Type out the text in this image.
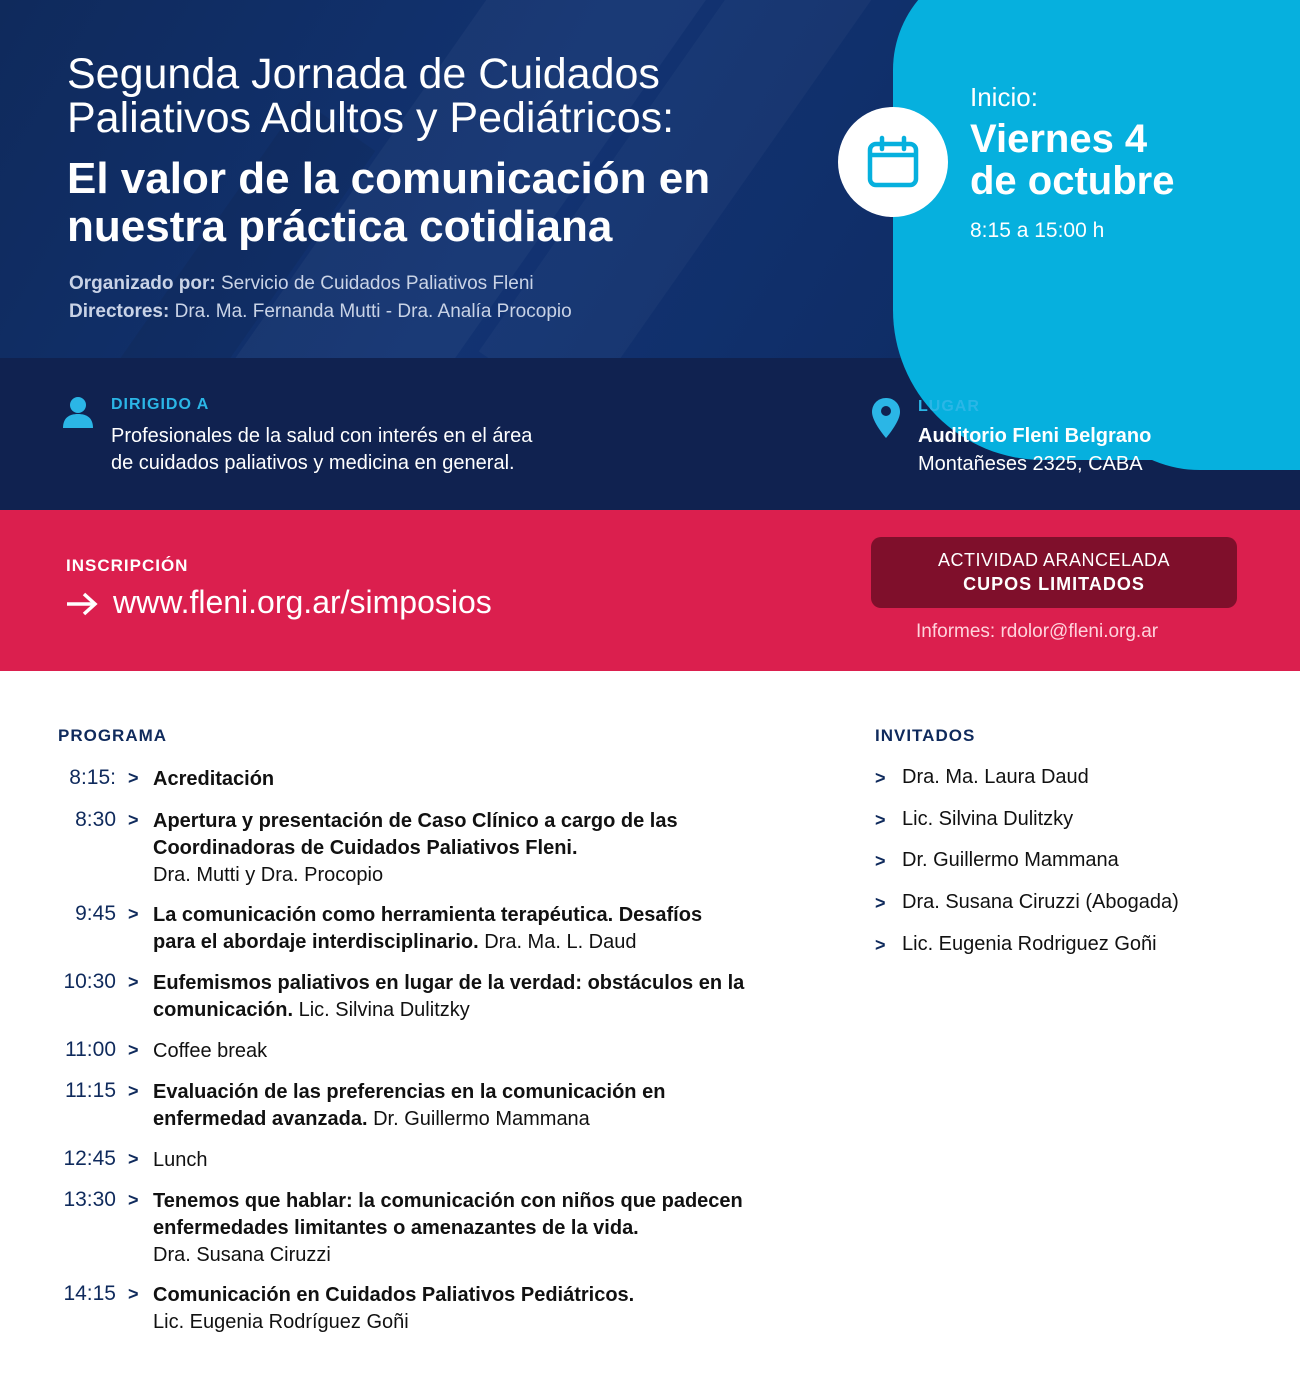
Segunda Jornada de Cuidados
Paliativos Adultos y Pediátricos:
El valor de la comunicación en
nuestra práctica cotidiana
Organizado por: Servicio de Cuidados Paliativos Fleni
Directores: Dra. Ma. Fernanda Mutti - Dra. Analía Procopio
Inicio:
Viernes 4
de octubre
8:15 a 15:00 h
DIRIGIDO A
Profesionales de la salud con interés en el área
de cuidados paliativos y medicina en general.
LUGAR
Auditorio Fleni Belgrano
Montañeses 2325, CABA
INSCRIPCIÓN
www.fleni.org.ar/simposios
ACTIVIDAD ARANCELADA
CUPOS LIMITADOS
Informes: rdolor@fleni.org.ar
PROGRAMA
8:15: > Acreditación
8:30 > Apertura y presentación de Caso Clínico a cargo de las
Coordinadoras de Cuidados Paliativos Fleni.
Dra. Mutti y Dra. Procopio
9:45 > La comunicación como herramienta terapéutica. Desafíos
para el abordaje interdisciplinario. Dra. Ma. L. Daud
10:30 > Eufemismos paliativos en lugar de la verdad: obstáculos en la
comunicación. Lic. Silvina Dulitzky
11:00 > Coffee break
11:15 > Evaluación de las preferencias en la comunicación en
enfermedad avanzada. Dr. Guillermo Mammana
12:45 > Lunch
13:30 > Tenemos que hablar: la comunicación con niños que padecen
enfermedades limitantes o amenazantes de la vida.
Dra. Susana Ciruzzi
14:15 > Comunicación en Cuidados Paliativos Pediátricos.
Lic. Eugenia Rodríguez Goñi
INVITADOS
> Dra. Ma. Laura Daud
> Lic. Silvina Dulitzky
> Dr. Guillermo Mammana
> Dra. Susana Ciruzzi (Abogada)
> Lic. Eugenia Rodriguez Goñi
